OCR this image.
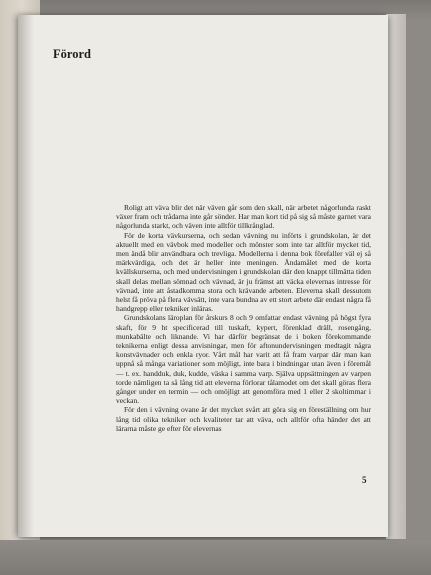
Förord

Roligt att väva blir det när väven går som den skall, när arbetet någorlunda raskt växer fram och trådarna inte går sönder. Har man kort tid på sig så måste garnet vara någorlunda starkt, och väven inte alltför tillkrånglad.

För de korta vävkurserna, och sedan vävning nu införts i grundskolan, är det aktuellt med en vävbok med modeller och mönster som inte tar alltför mycket tid, men ändå blir användbara och trevliga. Modellerna i denna bok förefaller väl ej så märkvärdiga, och det är heller inte meningen. Ändamålet med de korta kvällskurserna, och med undervisningen i grundskolan där den knappt tillmätta tiden skall delas mellan sömnad och vävnad, är ju främst att väcka elevernas intresse för vävnad, inte att åstadkomma stora och krävande arbeten. Eleverna skall dessutom helst få pröva på flera vävsätt, inte vara bundna av ett stort arbete där endast några få handgrepp eller tekniker inläras.

Grundskolans läroplan för årskurs 8 och 9 omfattar endast vävning på högst fyra skaft, för 9 ht specificerad till tuskaft, kypert, förenklad dräll, rosengång, munkabälte och liknande. Vi har därför begränsat de i boken förekommande teknikerna enligt dessa anvisningar, men för aftonundervisningen medtagit några konstvävnader och enkla ryor. Vårt mål har varit att få fram varpar där man kan uppnå så många variationer som möjligt, inte bara i bindningar utan även i föremål — t. ex. handduk, duk, kudde, väska i samma varp. Själva uppsättningen av varpen torde nämligen ta så lång tid att eleverna förlorar tålamodet om det skall göras flera gånger under en termin — och omöjligt att genomföra med 1 eller 2 skoltimmar i veckan.

För den i vävning ovane är det mycket svårt att göra sig en föreställning om hur lång tid olika tekniker och kvaliteter tar att väva, och alltför ofta händer det att lärarna måste ge efter för elevernas

5
